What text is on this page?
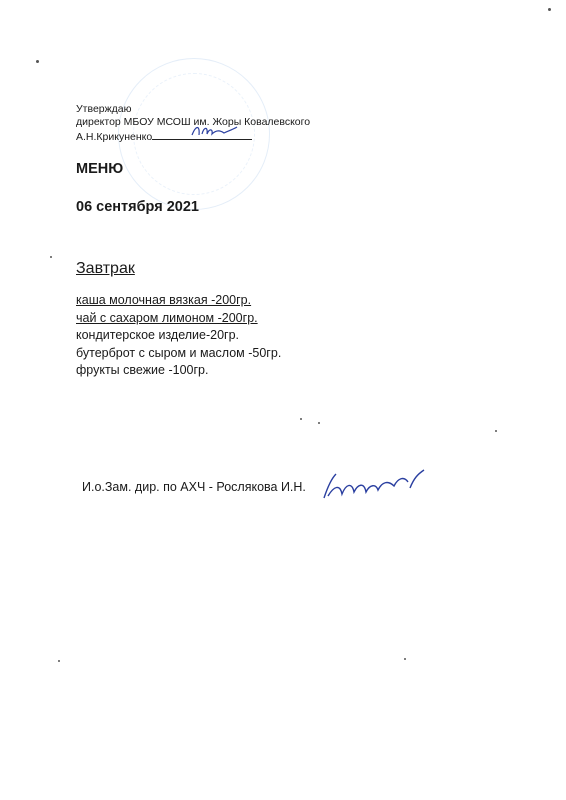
Утверждаю
директор МБОУ МСОШ им. Жоры Ковалевского
А.Н.Крикуненко
МЕНЮ
06 сентября 2021
Завтрак
каша молочная вязкая -200гр.
чай с сахаром лимоном -200гр.
кондитерское изделие-20гр.
бутерброт с сыром и маслом -50гр.
фрукты свежие -100гр.
И.о.Зам. дир. по АХЧ - Рослякова И.Н.
